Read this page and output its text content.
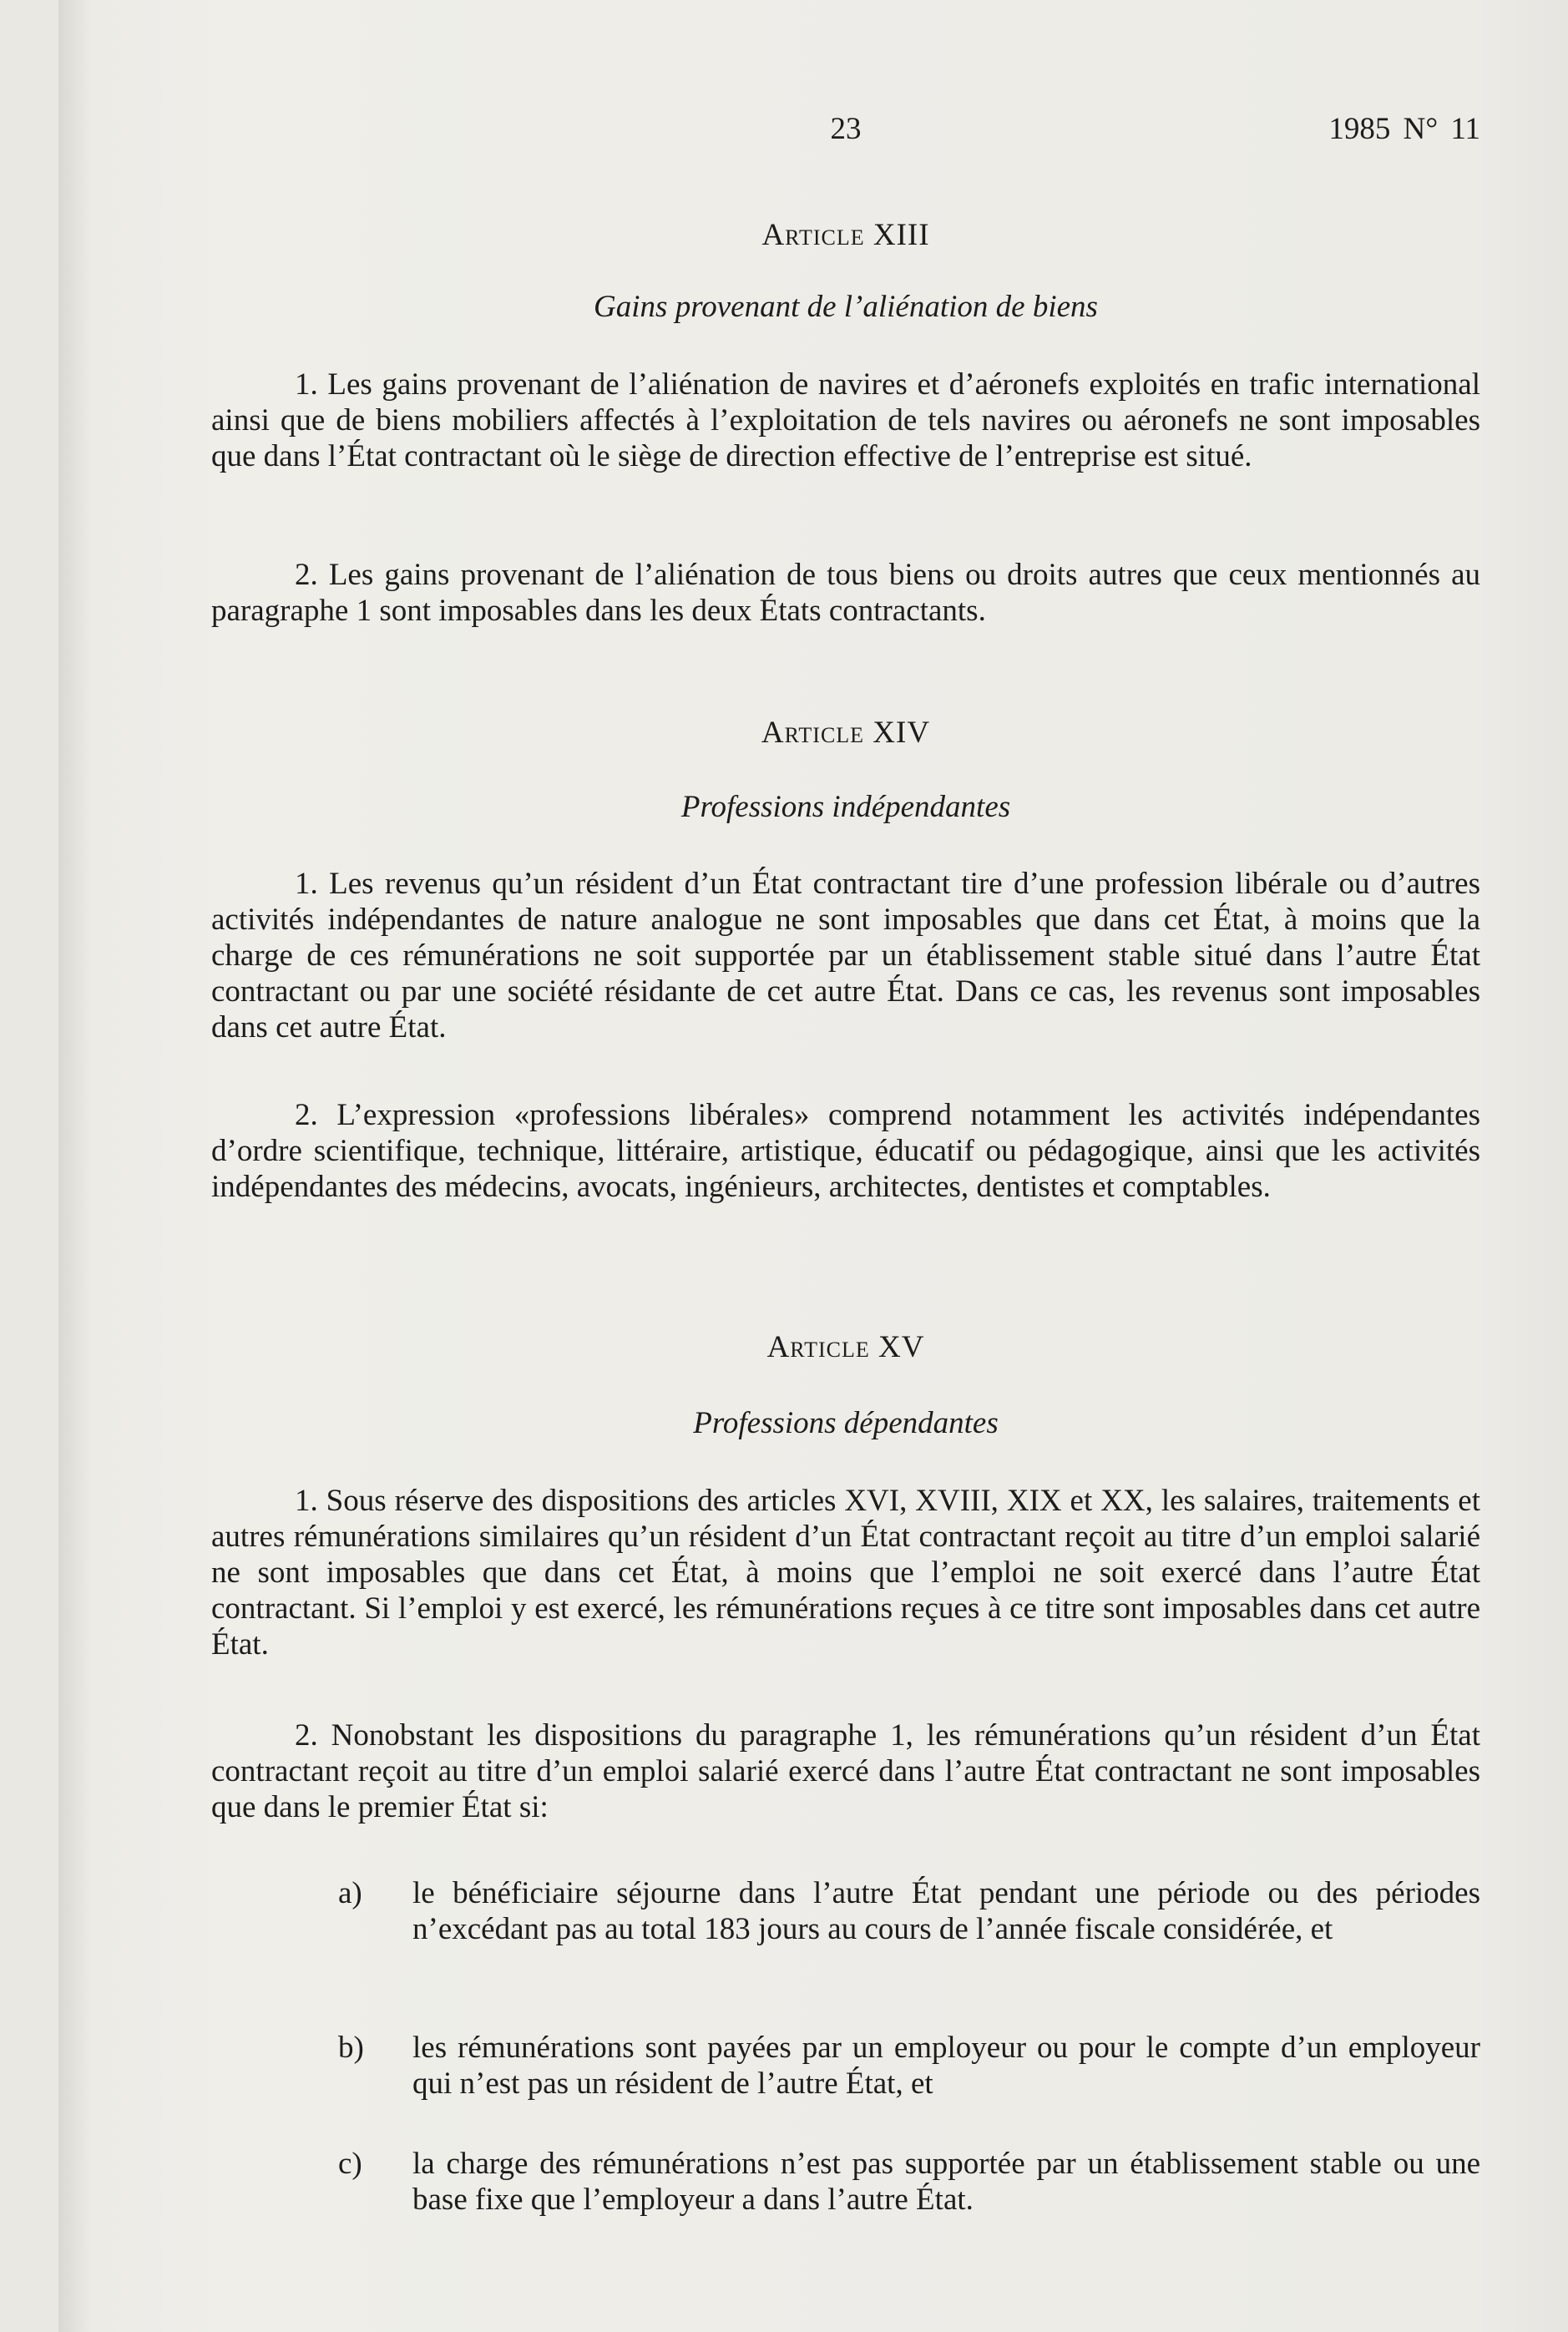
23	1985 N° 11
Article XIII
Gains provenant de l’aliénation de biens

1. Les gains provenant de l’aliénation de navires et d’aéronefs exploités en trafic international ainsi que de biens mobiliers affectés à l’exploitation de tels navires ou aéronefs ne sont imposables que dans l’État contractant où le siège de direction effective de l’entreprise est situé.

2. Les gains provenant de l’aliénation de tous biens ou droits autres que ceux mentionnés au paragraphe 1 sont imposables dans les deux États contractants.

Article XIV
Professions indépendantes

1. Les revenus qu’un résident d’un État contractant tire d’une profession libérale ou d’autres activités indépendantes de nature analogue ne sont imposables que dans cet État, à moins que la charge de ces rémunérations ne soit supportée par un établissement stable situé dans l’autre État contractant ou par une société résidante de cet autre État. Dans ce cas, les revenus sont imposables dans cet autre État.

2. L’expression «professions libérales» comprend notamment les activités indépendantes d’ordre scientifique, technique, littéraire, artistique, éducatif ou pédagogique, ainsi que les activités indépendantes des médecins, avocats, ingénieurs, architectes, dentistes et comptables.

Article XV
Professions dépendantes

1. Sous réserve des dispositions des articles XVI, XVIII, XIX et XX, les salaires, traitements et autres rémunérations similaires qu’un résident d’un État contractant reçoit au titre d’un emploi salarié ne sont imposables que dans cet État, à moins que l’emploi ne soit exercé dans l’autre État contractant. Si l’emploi y est exercé, les rémunérations reçues à ce titre sont imposables dans cet autre État.

2. Nonobstant les dispositions du paragraphe 1, les rémunérations qu’un résident d’un État contractant reçoit au titre d’un emploi salarié exercé dans l’autre État contractant ne sont imposables que dans le premier État si:

a) le bénéficiaire séjourne dans l’autre État pendant une période ou des périodes n’excédant pas au total 183 jours au cours de l’année fiscale considérée, et

b) les rémunérations sont payées par un employeur ou pour le compte d’un employeur qui n’est pas un résident de l’autre État, et

c) la charge des rémunérations n’est pas supportée par un établissement stable ou une base fixe que l’employeur a dans l’autre État.
